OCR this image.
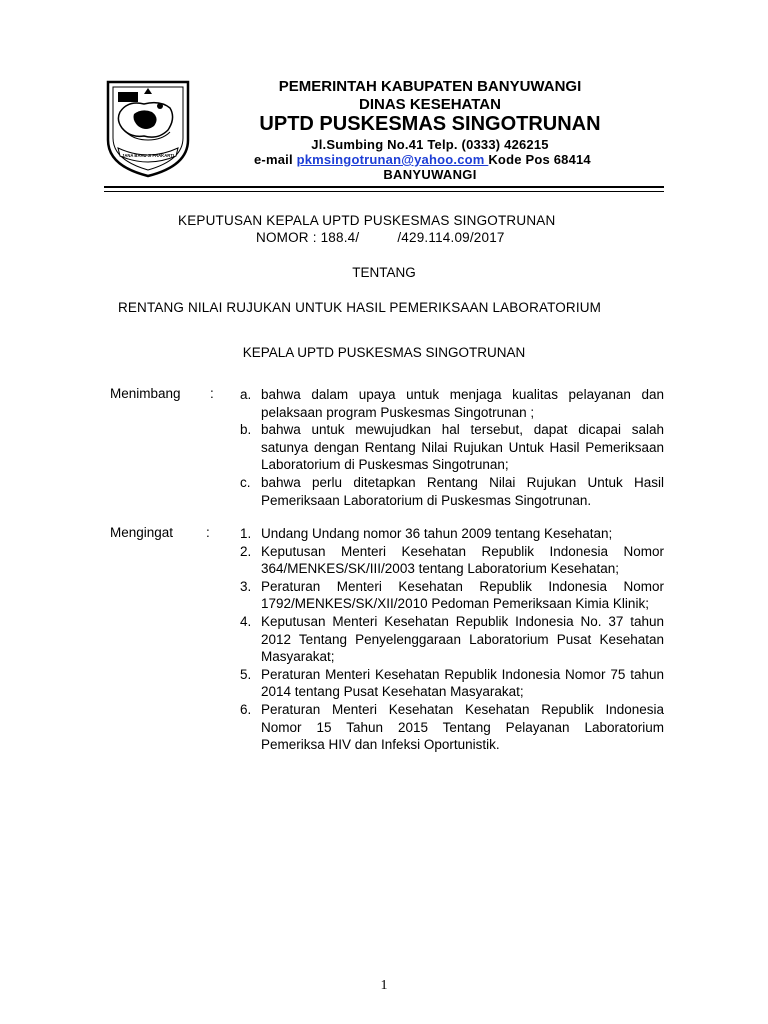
JANA BAHU JI PRAKARTI
PEMERINTAH KABUPATEN BANYUWANGI
DINAS KESEHATAN
UPTD PUSKESMAS SINGOTRUNAN
Jl.Sumbing No.41 Telp. (0333) 426215
e-mail pkmsingotrunan@yahoo.com Kode Pos 68414
BANYUWANGI
KEPUTUSAN KEPALA UPTD PUSKESMAS SINGOTRUNAN
NOMOR : 188.4/	/429.114.09/2017
TENTANG
RENTANG NILAI RUJUKAN UNTUK HASIL PEMERIKSAAN LABORATORIUM
KEPALA UPTD PUSKESMAS SINGOTRUNAN
Menimbang : a. bahwa dalam upaya untuk menjaga kualitas pelayanan dan pelaksaan program Puskesmas Singotrunan ;
b. bahwa untuk mewujudkan hal tersebut, dapat dicapai salah satunya dengan Rentang Nilai Rujukan Untuk Hasil Pemeriksaan Laboratorium di Puskesmas Singotrunan;
c. bahwa perlu ditetapkan Rentang Nilai Rujukan Untuk Hasil Pemeriksaan Laboratorium di Puskesmas Singotrunan.
Mengingat : 1. Undang Undang nomor 36 tahun 2009 tentang Kesehatan;
2. Keputusan Menteri Kesehatan Republik Indonesia Nomor 364/MENKES/SK/III/2003 tentang Laboratorium Kesehatan;
3. Peraturan Menteri Kesehatan Republik Indonesia Nomor 1792/MENKES/SK/XII/2010 Pedoman Pemeriksaan Kimia Klinik;
4. Keputusan Menteri Kesehatan Republik Indonesia No. 37 tahun 2012 Tentang Penyelenggaraan Laboratorium Pusat Kesehatan Masyarakat;
5. Peraturan Menteri Kesehatan Republik Indonesia Nomor 75 tahun 2014 tentang Pusat Kesehatan Masyarakat;
6. Peraturan Menteri Kesehatan Kesehatan Republik Indonesia Nomor 15 Tahun 2015 Tentang Pelayanan Laboratorium Pemeriksa HIV dan Infeksi Oportunistik.
1
